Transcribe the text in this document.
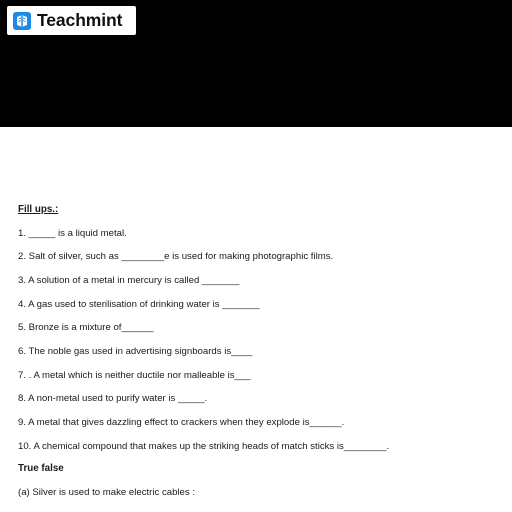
Teachmint
Fill ups.:
1. _____ is a liquid metal.
2. Salt of silver, such as ________e is used for making photographic films.
3. A solution of a metal in mercury is called _______
4. A gas used to sterilisation of drinking water is _______
5. Bronze is a mixture of______
6. The noble gas used in advertising signboards is____
7. . A metal which is neither ductile nor malleable is___
8. A non-metal used to purify water is _____.
9. A metal that gives dazzling effect to crackers when they explode is______.
10. A chemical compound that makes up the striking heads of match sticks is________.
True false
(a) Silver is used to make electric cables :
